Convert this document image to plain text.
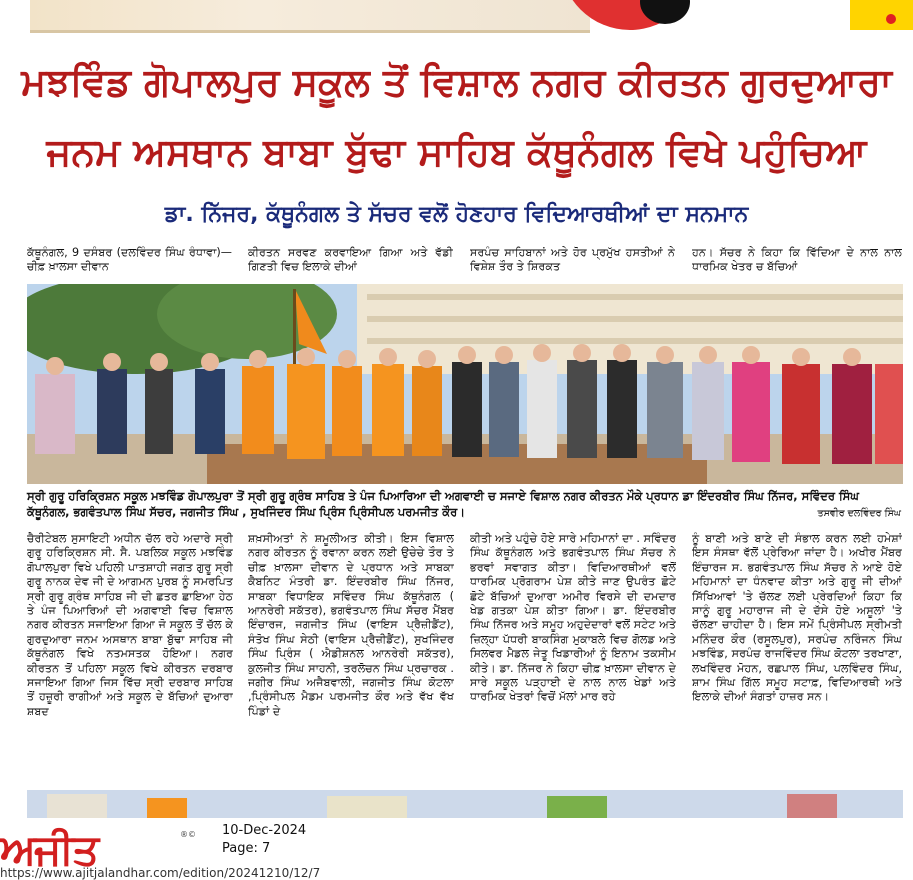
ਮਝਵਿੰਡ ਗੋਪਾਲਪੁਰ ਸਕੂਲ ਤੋਂ ਵਿਸ਼ਾਲ ਨਗਰ ਕੀਰਤਨ ਗੁਰਦੁਆਰਾ
ਜਨਮ ਅਸਥਾਨ ਬਾਬਾ ਬੁੱਢਾ ਸਾਹਿਬ ਕੱਥੂਨੰਗਲ ਵਿਖੇ ਪਹੁੰਚਿਆ
ਡਾ. ਨਿੱਜਰ, ਕੱਥੂਨੰਗਲ ਤੇ ਸੱਚਰ ਵਲੋਂ ਹੋਣਹਾਰ ਵਿਦਿਆਰਥੀਆਂ ਦਾ ਸਨਮਾਨ

ਕੱਥੂਨੰਗਲ, 9 ਦਸੰਬਰ (ਦਲਵਿੰਦਰ ਸਿੰਘ ਰੰਧਾਵਾ)—ਚੀਫ਼ ਖ਼ਾਲਸਾ ਦੀਵਾਨ

ਕੀਰਤਨ ਸਰਵਣ ਕਰਵਾਇਆ ਗਿਆ ਅਤੇ ਵੱਡੀ ਗਿਣਤੀ ਵਿਚ ਇਲਾਕੇ ਦੀਆਂ

ਸਰਪੰਚ ਸਾਹਿਬਾਨਾਂ ਅਤੇ ਹੋਰ ਪ੍ਰਮੁੱਖ ਹਸਤੀਆਂ ਨੇ ਵਿਸ਼ੇਸ਼ ਤੌਰ ਤੇ ਸ਼ਿਰਕਤ

ਹਨ। ਸੱਚਰ ਨੇ ਕਿਹਾ ਕਿ ਵਿੱਦਿਆ ਦੇ ਨਾਲ ਨਾਲ ਧਾਰਮਿਕ ਖੇਤਰ ਚ ਬੱਚਿਆਂ

ਸ੍ਰੀ ਗੁਰੂ ਹਰਿਕ੍ਰਿਸ਼ਨ ਸਕੂਲ ਮਝਵਿੰਡ ਗੋਪਾਲਪੁਰਾ ਤੋਂ ਸ੍ਰੀ ਗੁਰੂ ਗ੍ਰੰਥ ਸਾਹਿਬ ਤੇ ਪੰਜ ਪਿਆਰਿਆ ਦੀ ਅਗਵਾਈ ਚ ਸਜਾਏ ਵਿਸ਼ਾਲ ਨਗਰ ਕੀਰਤਨ ਮੌਕੇ ਪ੍ਰਧਾਨ ਡਾ ਇੰਦਰਬੀਰ ਸਿੰਘ ਨਿੱਜਰ, ਸਵਿੰਦਰ ਸਿੰਘ ਕੱਥੂਨੰਗਲ, ਭਗਵੰਤਪਾਲ ਸਿੰਘ ਸੱਚਰ, ਜਗਜੀਤ ਸਿੰਘ , ਸੁਖਜਿੰਦਰ ਸਿੰਘ ਪ੍ਰਿੰਸ ਪ੍ਰਿੰਸੀਪਲ ਪਰਮਜੀਤ ਕੌਰ।	ਤਸਵੀਰ ਦਲਵਿੰਦਰ ਸਿੰਘ

ਚੈਰੀਟੇਬਲ ਸੁਸਾਇਟੀ ਅਧੀਨ ਚੱਲ ਰਹੇ ਅਦਾਰੇ ਸ੍ਰੀ ਗੁਰੂ ਹਰਿਕ੍ਰਿਸ਼ਨ ਸੀ. ਸੈ. ਪਬਲਿਕ ਸਕੂਲ ਮਝਵਿੰਡ ਗੋਪਾਲਪੁਰਾ ਵਿਖੇ ਪਹਿਲੀ ਪਾਤਸ਼ਾਹੀ ਜਗਤ ਗੁਰੂ ਸ੍ਰੀ ਗੁਰੂ ਨਾਨਕ ਦੇਵ ਜੀ ਦੇ ਆਗਮਨ ਪੁਰਬ ਨੂੰ ਸਮਰਪਿਤ ਸ੍ਰੀ ਗੁਰੂ ਗ੍ਰੰਥ ਸਾਹਿਬ ਜੀ ਦੀ ਛਤਰ ਛਾਇਆ ਹੇਠ ਤੇ ਪੰਜ ਪਿਆਰਿਆਂ ਦੀ ਅਗਵਾਈ ਵਿਚ ਵਿਸ਼ਾਲ ਨਗਰ ਕੀਰਤਨ ਸਜਾਇਆ ਗਿਆ ਜੋ ਸਕੂਲ ਤੋਂ ਚੱਲ ਕੇ ਗੁਰਦੁਆਰਾ ਜਨਮ ਅਸਥਾਨ ਬਾਬਾ ਬੁੱਢਾ ਸਾਹਿਬ ਜੀ ਕੱਥੂਨੰਗਲ ਵਿਖੇ ਨਤਮਸਤਕ ਹੋਇਆ। ਨਗਰ ਕੀਰਤਨ ਤੋਂ ਪਹਿਲਾ ਸਕੂਲ ਵਿਖੇ ਕੀਰਤਨ ਦਰਬਾਰ ਸਜਾਇਆ ਗਿਆ ਜਿਸ ਵਿੱਚ ਸ੍ਰੀ ਦਰਬਾਰ ਸਾਹਿਬ ਤੋਂ ਹਜ਼ੂਰੀ ਰਾਗੀਆਂ ਅਤੇ ਸਕੂਲ ਦੇ ਬੱਚਿਆਂ ਦੁਆਰਾ ਸ਼ਬਦ

ਸ਼ਖ਼ਸੀਅਤਾਂ ਨੇ ਸ਼ਮੂਲੀਅਤ ਕੀਤੀ। ਇਸ ਵਿਸ਼ਾਲ ਨਗਰ ਕੀਰਤਨ ਨੂੰ ਰਵਾਨਾ ਕਰਨ ਲਈ ਉਚੇਚੇ ਤੌਰ ਤੇ ਚੀਫ਼ ਖ਼ਾਲਸਾ ਦੀਵਾਨ ਦੇ ਪ੍ਰਧਾਨ ਅਤੇ ਸਾਬਕਾ ਕੈਬਨਿਟ ਮੰਤਰੀ ਡਾ. ਇੰਦਰਬੀਰ ਸਿੰਘ ਨਿੱਜਰ, ਸਾਬਕਾ ਵਿਧਾਇਕ ਸਵਿੰਦਰ ਸਿੰਘ ਕੱਥੂਨੰਗਲ ( ਆਨਰੇਰੀ ਸਕੱਤਰ), ਭਗਵੰਤਪਾਲ ਸਿੰਘ ਸੱਚਰ ਮੈਂਬਰ ਇੰਚਾਰਜ, ਜਗਜੀਤ ਸਿੰਘ (ਵਾਇਸ ਪ੍ਰੈਜ਼ੀਡੈਂਟ), ਸੰਤੋਖ ਸਿੰਘ ਸੇਠੀ (ਵਾਇਸ ਪ੍ਰੈਜ਼ੀਡੈਂਟ), ਸੁਖਜਿੰਦਰ ਸਿੰਘ ਪ੍ਰਿੰਸ ( ਐਡੀਸ਼ਨਲ ਆਨਰੇਰੀ ਸਕੱਤਰ), ਕੁਲਜੀਤ ਸਿੰਘ ਸਾਹਨੀ, ਤਰਲੋਚਨ ਸਿੰਘ ਪ੍ਰਚਾਰਕ . ਜਗੀਰ ਸਿੰਘ ਅਜੈਬਵਾਲੀ, ਜਗਜੀਤ ਸਿੰਘ ਕੋਟਲਾ ,ਪ੍ਰਿੰਸੀਪਲ ਮੈਡਮ ਪਰਮਜੀਤ ਕੌਰ ਅਤੇ ਵੱਖ ਵੱਖ ਪਿੰਡਾਂ ਦੇ

ਕੀਤੀ ਅਤੇ ਪਹੁੰਚੇ ਹੋਏ ਸਾਰੇ ਮਹਿਮਾਨਾਂ ਦਾ . ਸਵਿੰਦਰ ਸਿੰਘ ਕੱਥੂਨੰਗਲ ਅਤੇ ਭਗਵੰਤਪਾਲ ਸਿੰਘ ਸੱਚਰ ਨੇ ਭਰਵਾਂ ਸਵਾਗਤ ਕੀਤਾ। ਵਿਦਿਆਰਥੀਆਂ ਵਲੋਂ ਧਾਰਮਿਕ ਪ੍ਰੋਗਰਾਮ ਪੇਸ਼ ਕੀਤੇ ਜਾਣ ਉਪਰੰਤ ਛੋਟੇ ਛੋਟੇ ਬੱਚਿਆਂ ਦੁਆਰਾ ਅਮੀਰ ਵਿਰਸੇ ਦੀ ਦਮਦਾਰ ਖੇਡ ਗਤਕਾ ਪੇਸ਼ ਕੀਤਾ ਗਿਆ। ਡਾ. ਇੰਦਰਬੀਰ ਸਿੰਘ ਨਿੱਜਰ ਅਤੇ ਸਮੂਹ ਅਹੁਦੇਦਾਰਾਂ ਵਲੋਂ ਸਟੇਟ ਅਤੇ ਜ਼ਿਲ੍ਹਾ ਪੱਧਰੀ ਬਾਕਸਿੰਗ ਮੁਕਾਬਲੇ ਵਿਚ ਗੋਲਡ ਅਤੇ ਸਿਲਵਰ ਮੈਡਲ ਜੇਤੂ ਖਿਡਾਰੀਆਂ ਨੂੰ ਇਨਾਮ ਤਕਸੀਮ ਕੀਤੇ। ਡਾ. ਨਿੱਜਰ ਨੇ ਕਿਹਾ ਚੀਫ਼ ਖ਼ਾਲਸਾ ਦੀਵਾਨ ਦੇ ਸਾਰੇ ਸਕੂਲ ਪੜ੍ਹਾਈ ਦੇ ਨਾਲ ਨਾਲ ਖੇਡਾਂ ਅਤੇ ਧਾਰਮਿਕ ਖੇਤਰਾਂ ਵਿਚੋਂ ਮੱਲਾਂ ਮਾਰ ਰਹੇ

ਨੂੰ ਬਾਣੀ ਅਤੇ ਬਾਣੇ ਦੀ ਸੰਭਾਲ ਕਰਨ ਲਈ ਹਮੇਸ਼ਾਂ ਇਸ ਸੰਸਥਾ ਵੱਲੋਂ ਪ੍ਰੇਰਿਆ ਜਾਂਦਾ ਹੈ। ਅਖੀਰ ਮੈਂਬਰ ਇੰਚਾਰਜ ਸ. ਭਗਵੰਤਪਾਲ ਸਿੰਘ ਸੱਚਰ ਨੇ ਆਏ ਹੋਏ ਮਹਿਮਾਨਾਂ ਦਾ ਧੰਨਵਾਦ ਕੀਤਾ ਅਤੇ ਗੁਰੂ ਜੀ ਦੀਆਂ ਸਿੱਖਿਆਵਾਂ 'ਤੇ ਚੱਲਣ ਲਈ ਪ੍ਰੇਰਦਿਆਂ ਕਿਹਾ ਕਿ ਸਾਨੂੰ ਗੁਰੂ ਮਹਾਰਾਜ ਜੀ ਦੇ ਦੱਸੇ ਹੋਏ ਅਸੂਲਾਂ 'ਤੇ ਚੱਲਣਾ ਚਾਹੀਦਾ ਹੈ। ਇਸ ਸਮੇਂ ਪ੍ਰਿੰਸੀਪਲ ਸ੍ਰੀਮਤੀ ਮਨਿੰਦਰ ਕੌਰ (ਰਸੂਲਪੁਰ), ਸਰਪੰਚ ਨਰਿੰਜਨ ਸਿੰਘ ਮਝਵਿੰਡ, ਸਰਪੰਚ ਰਾਜਵਿੰਦਰ ਸਿੰਘ ਕੋਟਲਾ ਤਰਖਾਣਾ, ਲਖਵਿੰਦਰ ਮੋਹਨ, ਰਛਪਾਲ ਸਿੰਘ, ਪਲਵਿੰਦਰ ਸਿੰਘ, ਸ਼ਾਮ ਸਿੰਘ ਗਿੱਲ ਸਮੂਹ ਸਟਾਫ਼, ਵਿਦਿਆਰਥੀ ਅਤੇ ਇਲਾਕੇ ਦੀਆਂ ਸੰਗਤਾਂ ਹਾਜ਼ਰ ਸਨ।

ਅਜੀਤ	®© 10-Dec-2024
Page: 7
https://www.ajitjalandhar.com/edition/20241210/12/7
